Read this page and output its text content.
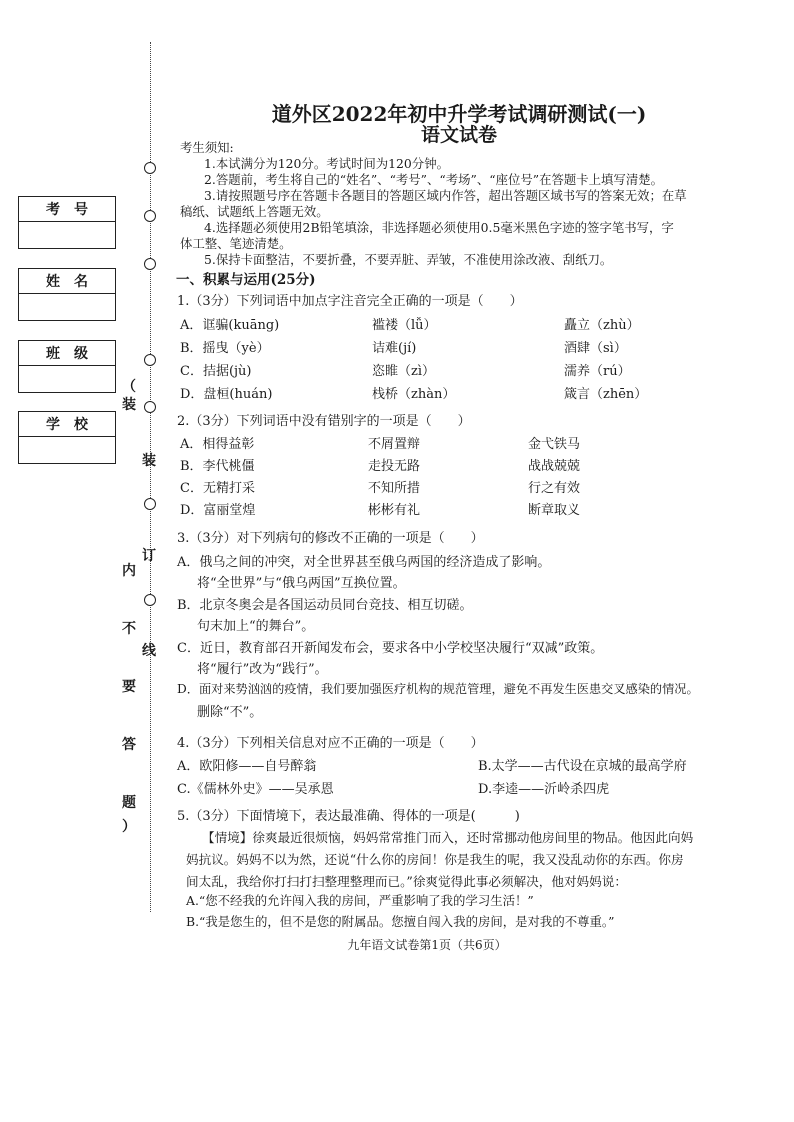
考　号
姓　名
班　级
学　校
（
装
订
线
内
不
要
答
题
）
装
道外区2022年初中升学考试调研测试(一)
语文试卷
考生须知:
1.本试满分为120分。考试时间为120分钟。
2.答题前，考生将自己的“姓名”、“考号”、“考场”、“座位号”在答题卡上填写清楚。
3.请按照题号序在答题卡各题目的答题区域内作答，超出答题区域书写的答案无效；在草
稿纸、试题纸上答题无效。
4.选择题必须使用2B铅笔填涂，非选择题必须使用0.5毫米黑色字迹的签字笔书写，字
体工整、笔迹清楚。
5.保持卡面整洁，不要折叠，不要弄脏、弄皱，不准使用涂改液、刮纸刀。
一、积累与运用(25分)
1.（3分）下列词语中加点字注音完全正确的一项是（　　）
A．诓骗(kuāng)	褴褛（lǚ）	矗立（zhù）
B．摇曳（yè）	诘难(jí)	酒肆（sì）
C．拮据(jù)	恣睢（zì）	濡养（rú）
D．盘桓(huán)	栈桥（zhàn）	箴言（zhēn）
2.（3分）下列词语中没有错别字的一项是（　　）
A．相得益彰	不屑置辩	金弋铁马
B．李代桃僵	走投无路	战战兢兢
C．无精打采	不知所措	行之有效
D．富丽堂煌	彬彬有礼	断章取义
3.（3分）对下列病句的修改不正确的一项是（　　）
A．俄乌之间的冲突，对全世界甚至俄乌两国的经济造成了影响。
　将“全世界”与“俄乌两国”互换位置。
B．北京冬奥会是各国运动员同台竞技、相互切磋。
　句末加上“的舞台”。
C．近日，教育部召开新闻发布会，要求各中小学校坚决履行“双减”政策。
　将“履行”改为“践行”。
D．面对来势汹汹的疫情，我们要加强医疗机构的规范管理，避免不再发生医患交叉感染的情况。
　删除“不”。
4.（3分）下列相关信息对应不正确的一项是（　　）
A．欧阳修——自号醉翁	B.太学——古代设在京城的最高学府
C.《儒林外史》——吴承恩	D.李逵——沂岭杀四虎
5.（3分）下面情境下，表达最准确、得体的一项是(　　　)
【情境】徐爽最近很烦恼，妈妈常常推门而入，还时常挪动他房间里的物品。他因此向妈
妈抗议。妈妈不以为然，还说“什么你的房间！你是我生的呢，我又没乱动你的东西。你房
间太乱，我给你打扫打扫整理整理而已。”徐爽觉得此事必须解决，他对妈妈说：
A.“您不经我的允许闯入我的房间，严重影响了我的学习生活！”
B.“我是您生的，但不是您的附属品。您擅自闯入我的房间，是对我的不尊重。”
九年语文试卷第1页（共6页）
